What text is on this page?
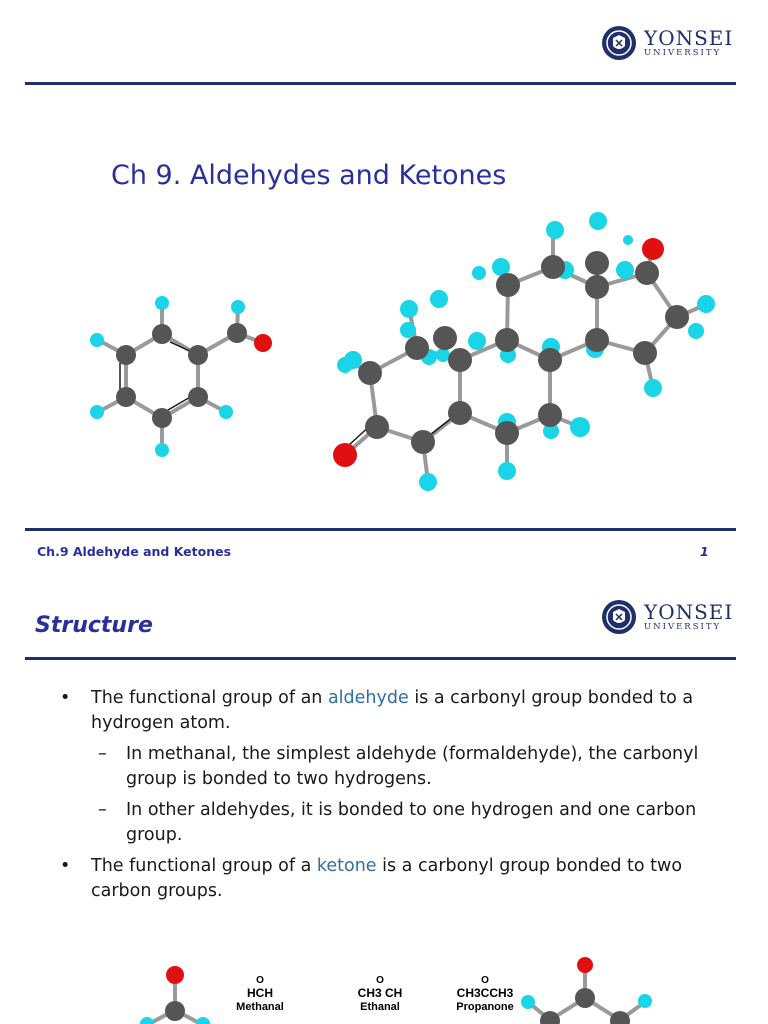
YONSEI
UNIVERSITY
Ch 9. Aldehydes and Ketones
Ch.9 Aldehyde and Ketones	1
YONSEI
UNIVERSITY
Structure
• The functional group of an aldehyde is a carbonyl group bonded to a hydrogen atom.
– In methanal, the simplest aldehyde (formaldehyde), the carbonyl group is bonded to two hydrogens.
– In other aldehydes, it is bonded to one hydrogen and one carbon group.
• The functional group of a ketone is a carbonyl group bonded to two carbon groups.
O
HCH
Methanal
O
CH3 CH
Ethanal
O
CH3CCH3
Propanone
